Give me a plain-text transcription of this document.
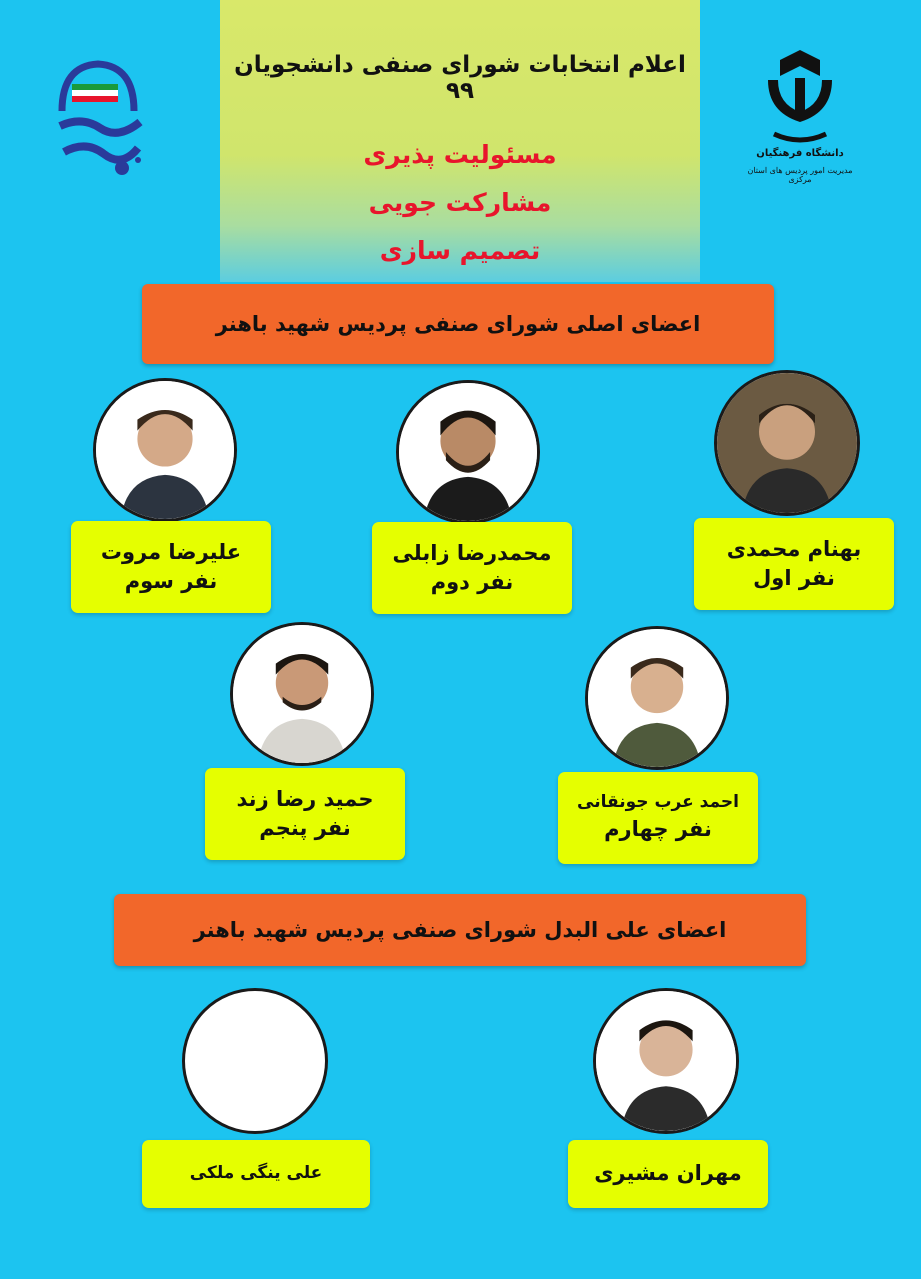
اعلام انتخابات شورای صنفی دانشجویان ۹۹
مسئولیت پذیری
مشارکت جویی
تصمیم سازی
دانشگاه فرهنگیان
مدیریت امور پردیس های استان مرکزی
اعضای اصلی شورای صنفی پردیس شهید باهنر
بهنام محمدی
نفر اول
محمدرضا زابلی
نفر دوم
علیرضا مروت
نفر سوم
احمد عرب جونقانی
نفر چهارم
حمید رضا زند
نفر پنجم
اعضای علی البدل شورای صنفی پردیس شهید باهنر
مهران مشیری
علی ینگی ملکی
